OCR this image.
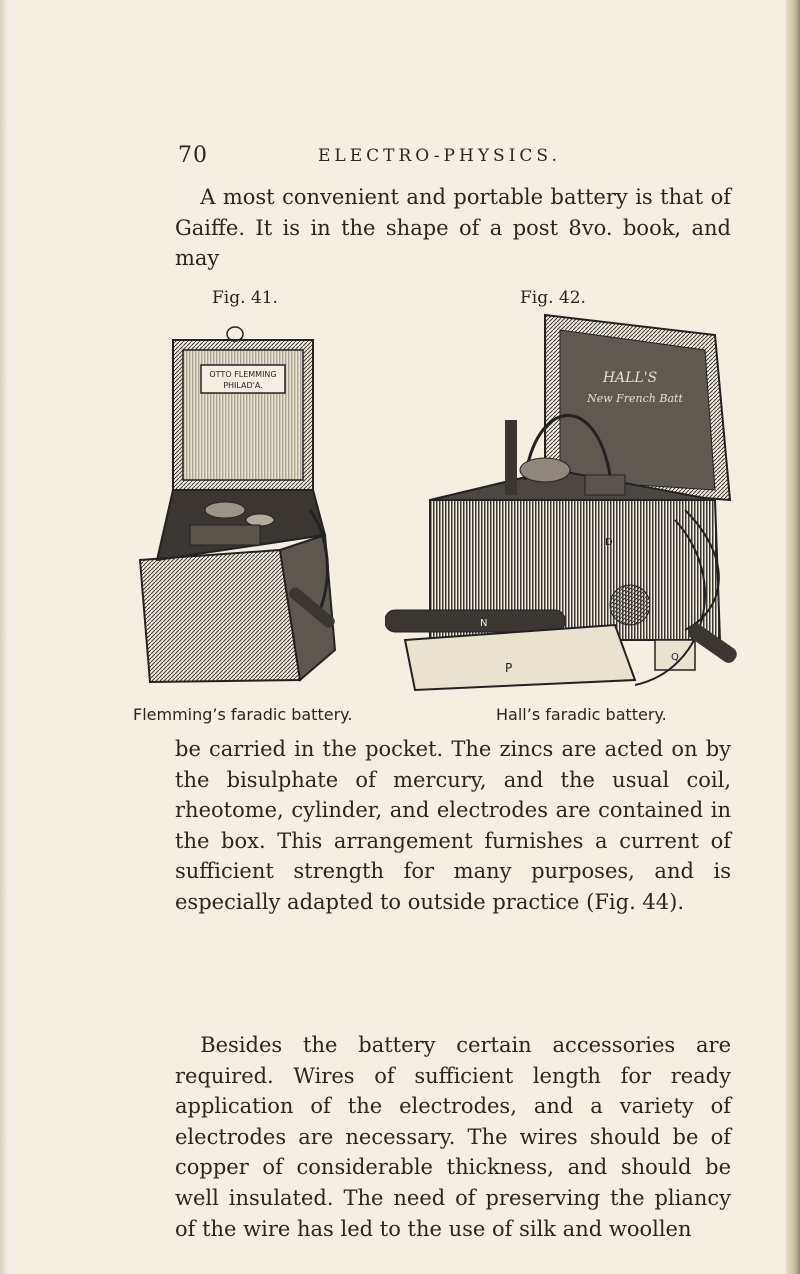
70	ELECTRO-PHYSICS.

A most convenient and portable battery is that of Gaiffe. It is in the shape of a post 8vo. book, and may

Fig. 41.	Fig. 42.
OTTO FLEMMING
PHILAD'A.	HALL'S
New French Batt
N
P
Q
D
Flemming’s faradic battery.	Hall’s faradic battery.

be carried in the pocket. The zincs are acted on by the bisulphate of mercury, and the usual coil, rheotome, cylinder, and electrodes are contained in the box. This arrangement furnishes a current of sufficient strength for many purposes, and is especially adapted to outside practice (Fig. 44).

Besides the battery certain accessories are required. Wires of sufficient length for ready application of the electrodes, and a variety of electrodes are necessary. The wires should be of copper of considerable thickness, and should be well insulated. The need of preserving the pliancy of the wire has led to the use of silk and woollen
